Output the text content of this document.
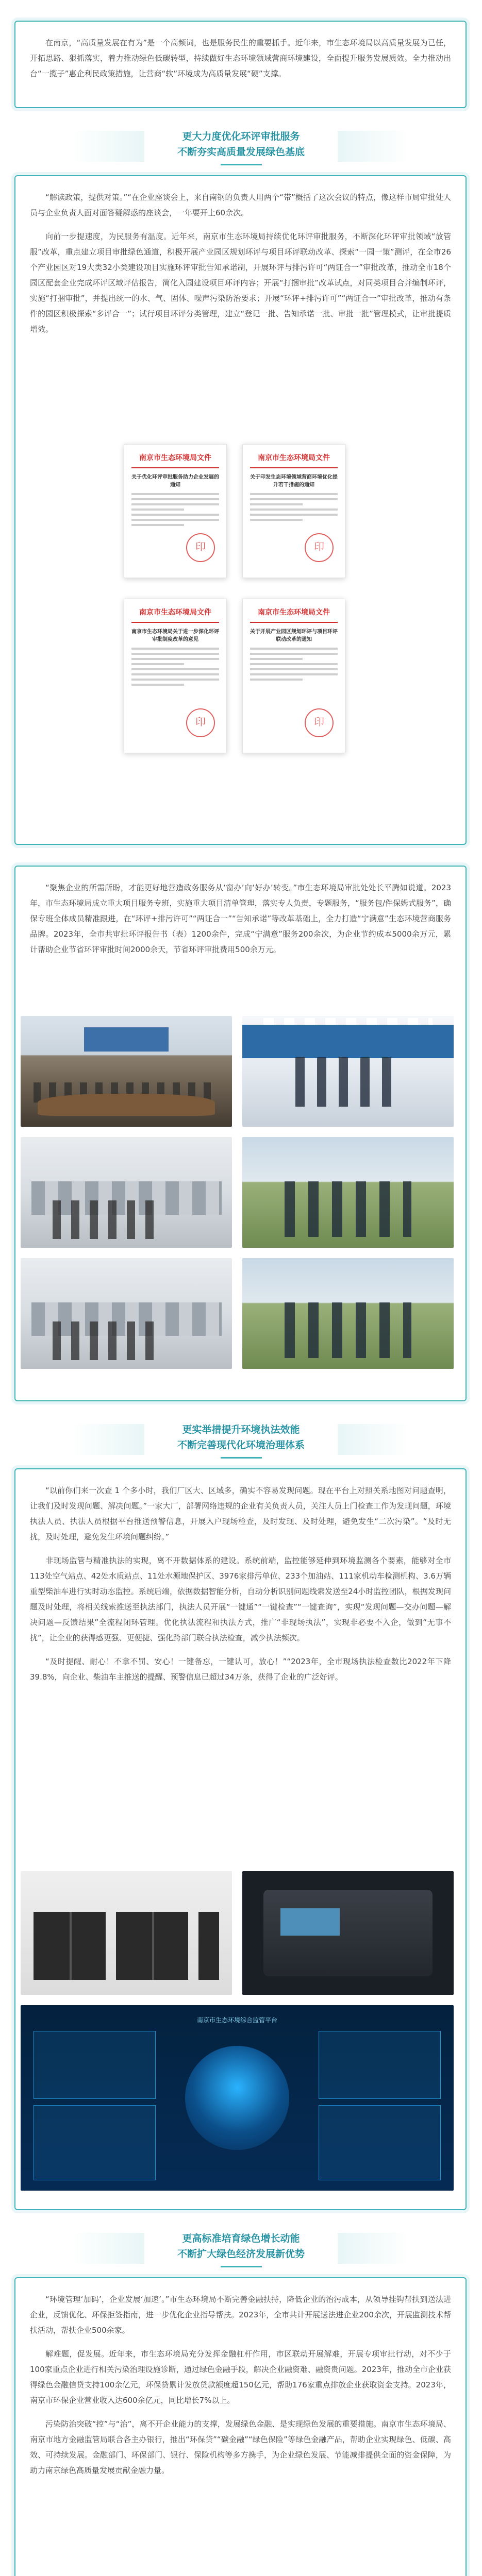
在南京，“高质量发展在有为”是一个高频词，也是服务民生的重要抓手。近年来，市生态环境局以高质量发展为已任，开拓思路、狠抓落实，着力推动绿色低碳转型，持续做好生态环境领域营商环境建设，全面提升服务发展质效。全力推动出台“一揽子”惠企利民政策措施，让营商“软”环境成为高质量发展“硬”支撑。

更大力度优化环评审批服务
不断夯实高质量发展绿色基底

“解读政策，提供对策。”“在企业座谈会上，来自南钢的负责人用两个“带”概括了这次会议的特点，像这样市局审批处人员与企业负责人面对面答疑解惑的座谈会，一年要开上60余次。

向前一步提速度，为民服务有温度。近年来，南京市生态环境局持续优化环评审批服务，不断深化环评审批领域“放管服”改革，重点建立项目审批绿色通道，积极开展产业园区规划环评与项目环评联动改革、探索“一园一策”测评，在全市26个产业园区对19大类32小类建设项目实施环评审批告知承诺制，开展环评与排污许可“两证合一”审批改革，推动全市18个园区配套企业完成环评区域评估报告，简化入园建设项目环评内容；开展“打捆审批”改革试点，对同类项目合并编制环评，实施“打捆审批”，并提出统一的水、气、固体、噪声污染防治要求；开展“环评+排污许可”“两证合一”审批改革，推动有条件的园区积极探索“多评合一”；试行项目环评分类管理，建立“登记一批、告知承诺一批、审批一批”管理模式，让审批提质增效。

南京市生态环境局文件
关于优化环评审批服务助力企业发展的通知
印
南京市生态环境局文件
关于印发生态环境领域营商环境优化提升若干措施的通知
印
南京市生态环境局文件
南京市生态环境局关于进一步深化环评审批制度改革的意见
印
南京市生态环境局文件
关于开展产业园区规划环评与项目环评联动改革的通知
印

“聚焦企业的所需所盼，才能更好地营造政务服务从‘窗办’向‘好办’转变。”市生态环境局审批处处长平腾如说道。2023年，市生态环境局成立重大项目服务专班，实施重大项目清单管理，落实专人负责，专题服务，“服务包/件保姆式服务”，确保专班全体成员精准跟进，在“环评+排污许可”“两证合一”“告知承诺”等改革基础上，全力打造“宁满意”生态环境营商服务品牌。2023年，全市共审批环评报告书（表）1200余件，完成“宁满意”服务200余次，为企业节约成本5000余万元，累计帮助企业节省环评审批时间2000余天，节省环评审批费用500余万元。

更实举措提升环境执法效能
不断完善现代化环境治理体系

“以前你们来一次查 1 个多小时，我们厂区大、区域多，确实不容易发现问题。现在平台上对照关系地图对问题查明，让我们及时发现问题、解决问题。”一家大厂，部署网络违规的企业有关负责人员，关注人员上门检查工作为发现问题，环境执法人员、执法人员根据平台推送预警信息，开展入户现场检查，及时发现、及时处理，避免发生“二次污染”。“及时无扰，及时处理，避免发生环境问题纠纷。”

非现场监管与精准执法的实现，离不开数据体系的建设。系统前端，监控能够延伸到环境监测各个要素，能够对全市113处空气站点、42处水质站点、11处水源地保护区、3976家排污单位、233个加油站、111家机动车检测机构、3.6万辆重型柴油车进行实时动态监控。系统后端，依据数据智能分析，自动分析识别问题线索发送至24小时监控团队，根据发现问题及时处理，将相关线索推送至执法部门，执法人员开展“一键通”“一键检查”“一键查询”，实现“发现问题—交办问题—解决问题—反馈结果”全流程闭环管理。优化执法流程和执法方式，推广“非现场执法”，实现非必要不入企，做到“无事不扰”，让企业的获得感更强、更便捷、强化跨部门联合执法检查，减少执法频次。

“及时提醒、耐心！不拿不罚、安心！一键备忘，一键认可，放心！”“2023年，全市现场执法检查数比2022年下降39.8%，向企业、柴油车主推送的提醒、预警信息已超过34万条，获得了企业的广泛好评。

南京市生态环境综合监管平台
更高标准培育绿色增长动能
不断扩大绿色经济发展新优势

“环境管理‘加码’，企业发展‘加速’。”市生态环境局不断完善金融扶持，降低企业的治污成本，从领导挂钩帮扶到送法进企业，反馈优化、环保拒签指南，进一步优化企业指导帮扶。2023年，全市共计开展送法进企业200余次，开展监测技术帮扶活动，帮扶企业500余家。

解难题，促发展。近年来，市生态环境局充分发挥金融杠杆作用，市区联动开展解难，开展专项审批行动，对不少于100家重点企业进行相关污染治理设施诊断，通过绿色金融手段，解决企业融资难、融资贵问题。2023年，推动全市企业获得绿色金融信贷支持100余亿元，环保贷累计发放贷款额度超150亿元，帮助176家重点排放企业获取资金支持。2023年，南京市环保企业营业收入达600余亿元，同比增长7%以上。

污染防治突破“控”与“治”，离不开企业能力的支撑，发展绿色金融、是实现绿色发展的重要措施。南京市生态环境局、南京市地方金融监管局联合各主办银行，推出“环保贷”“碳金融”“绿色保险”等绿色金融产品，帮助企业实现绿色、低碳、高效、可持续发展。金融部门、环保部门、银行、保险机构等多方携手，为企业绿色发展、节能减排提供全面的资金保障，为助力南京绿色高质量发展贡献金融力量。
